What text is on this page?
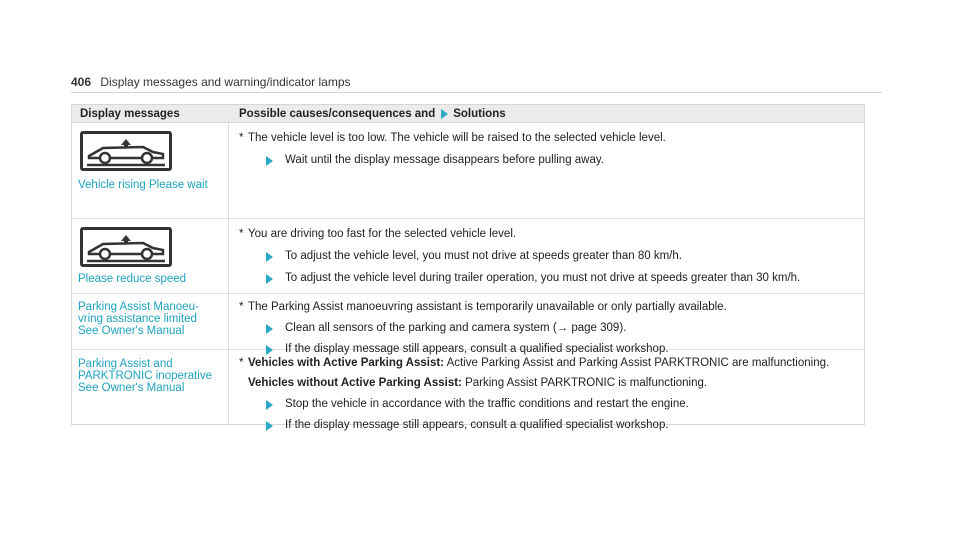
406 Display messages and warning/indicator lamps
Display messages	Possible causes/consequences and Solutions
Vehicle rising Please wait
* The vehicle level is too low. The vehicle will be raised to the selected vehicle level.
Wait until the display message disappears before pulling away.
Please reduce speed
* You are driving too fast for the selected vehicle level.
To adjust the vehicle level, you must not drive at speeds greater than 80 km/h.
To adjust the vehicle level during trailer operation, you must not drive at speeds greater than 30 km/h.
Parking Assist Manoeu-
vring assistance limited
See Owner's Manual
* The Parking Assist manoeuvring assistant is temporarily unavailable or only partially available.
Clean all sensors of the parking and camera system (→ page 309).
If the display message still appears, consult a qualified specialist workshop.
Parking Assist and
PARKTRONIC inoperative
See Owner's Manual
* Vehicles with Active Parking Assist: Active Parking Assist and Parking Assist PARKTRONIC are malfunctioning.
Vehicles without Active Parking Assist: Parking Assist PARKTRONIC is malfunctioning.
Stop the vehicle in accordance with the traffic conditions and restart the engine.
If the display message still appears, consult a qualified specialist workshop.
